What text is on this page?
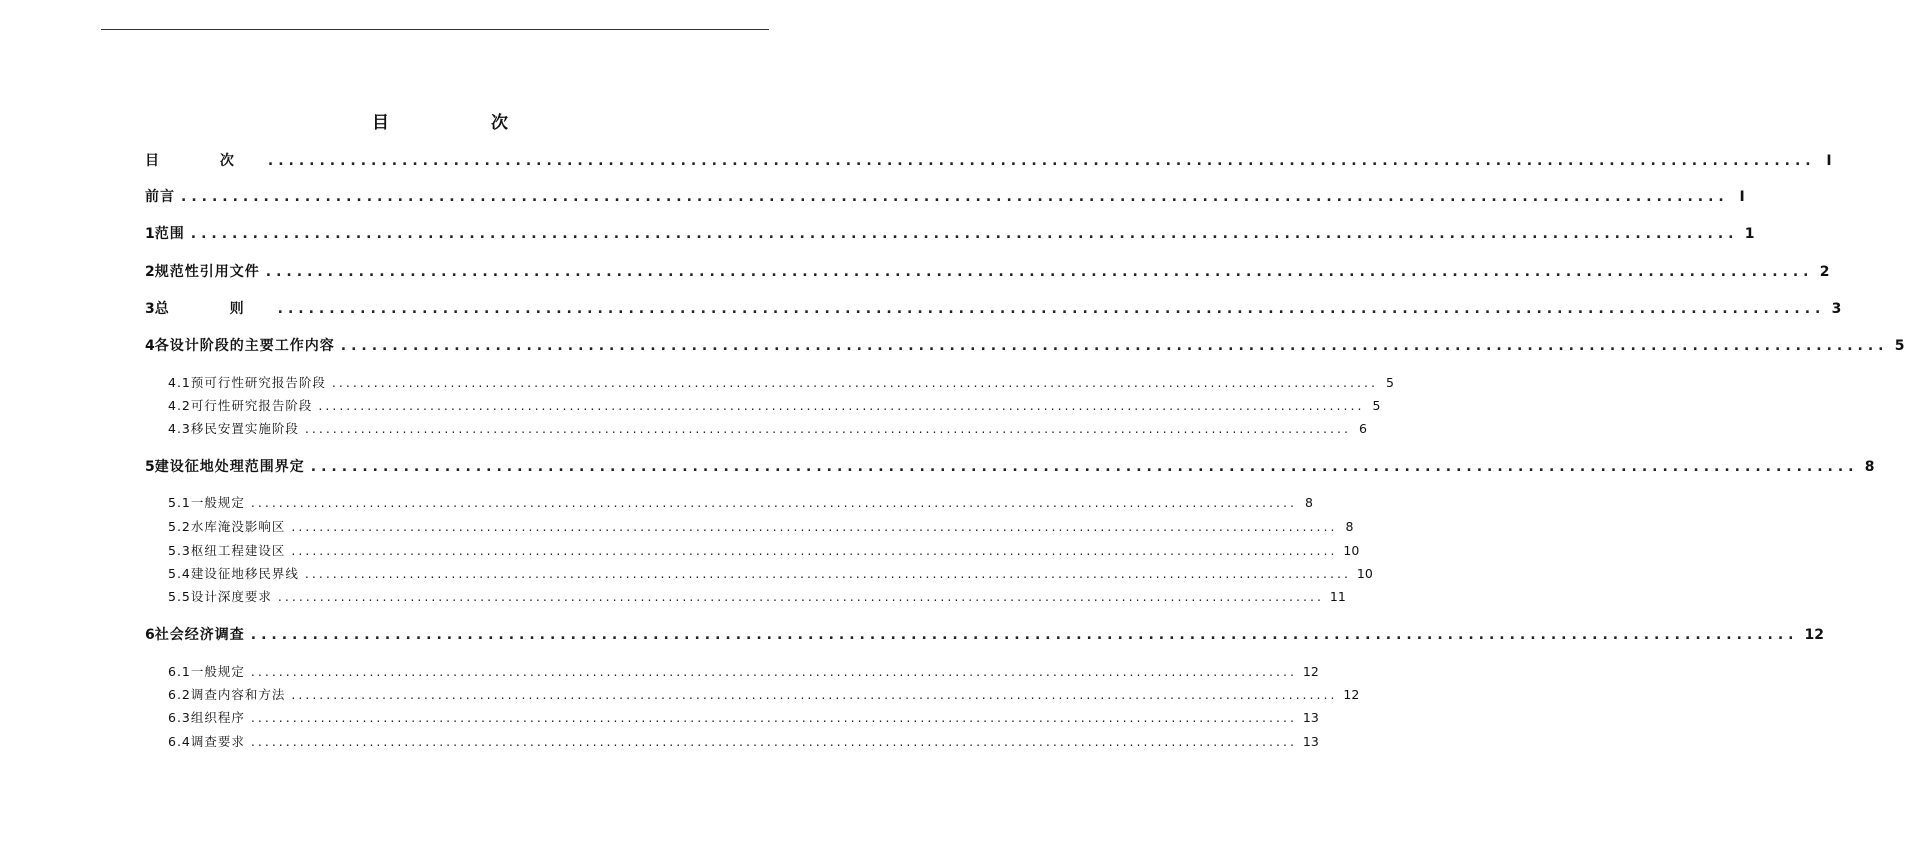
目 次
目 次 ...................................................................................................................................................... I
前言 ...................................................................................................................................................... I
1 范围 ...................................................................................................................................................... 1
2 规范性引用文件 ...................................................................................................................................................... 2
3 总 则 ...................................................................................................................................................... 3
4 各设计阶段的主要工作内容 ...................................................................................................................................................... 5
4.1 预可行性研究报告阶段 ...................................................................................................................................................... 5
4.2 可行性研究报告阶段 ...................................................................................................................................................... 5
4.3 移民安置实施阶段 ...................................................................................................................................................... 6
5 建设征地处理范围界定 ...................................................................................................................................................... 8
5.1 一般规定 ...................................................................................................................................................... 8
5.2 水库淹没影响区 ...................................................................................................................................................... 8
5.3 枢纽工程建设区 ...................................................................................................................................................... 10
5.4 建设征地移民界线 ...................................................................................................................................................... 10
5.5 设计深度要求 ...................................................................................................................................................... 11
6 社会经济调查 ...................................................................................................................................................... 12
6.1 一般规定 ...................................................................................................................................................... 12
6.2 调查内容和方法 ...................................................................................................................................................... 12
6.3 组织程序 ...................................................................................................................................................... 13
6.4 调查要求 ...................................................................................................................................................... 13
